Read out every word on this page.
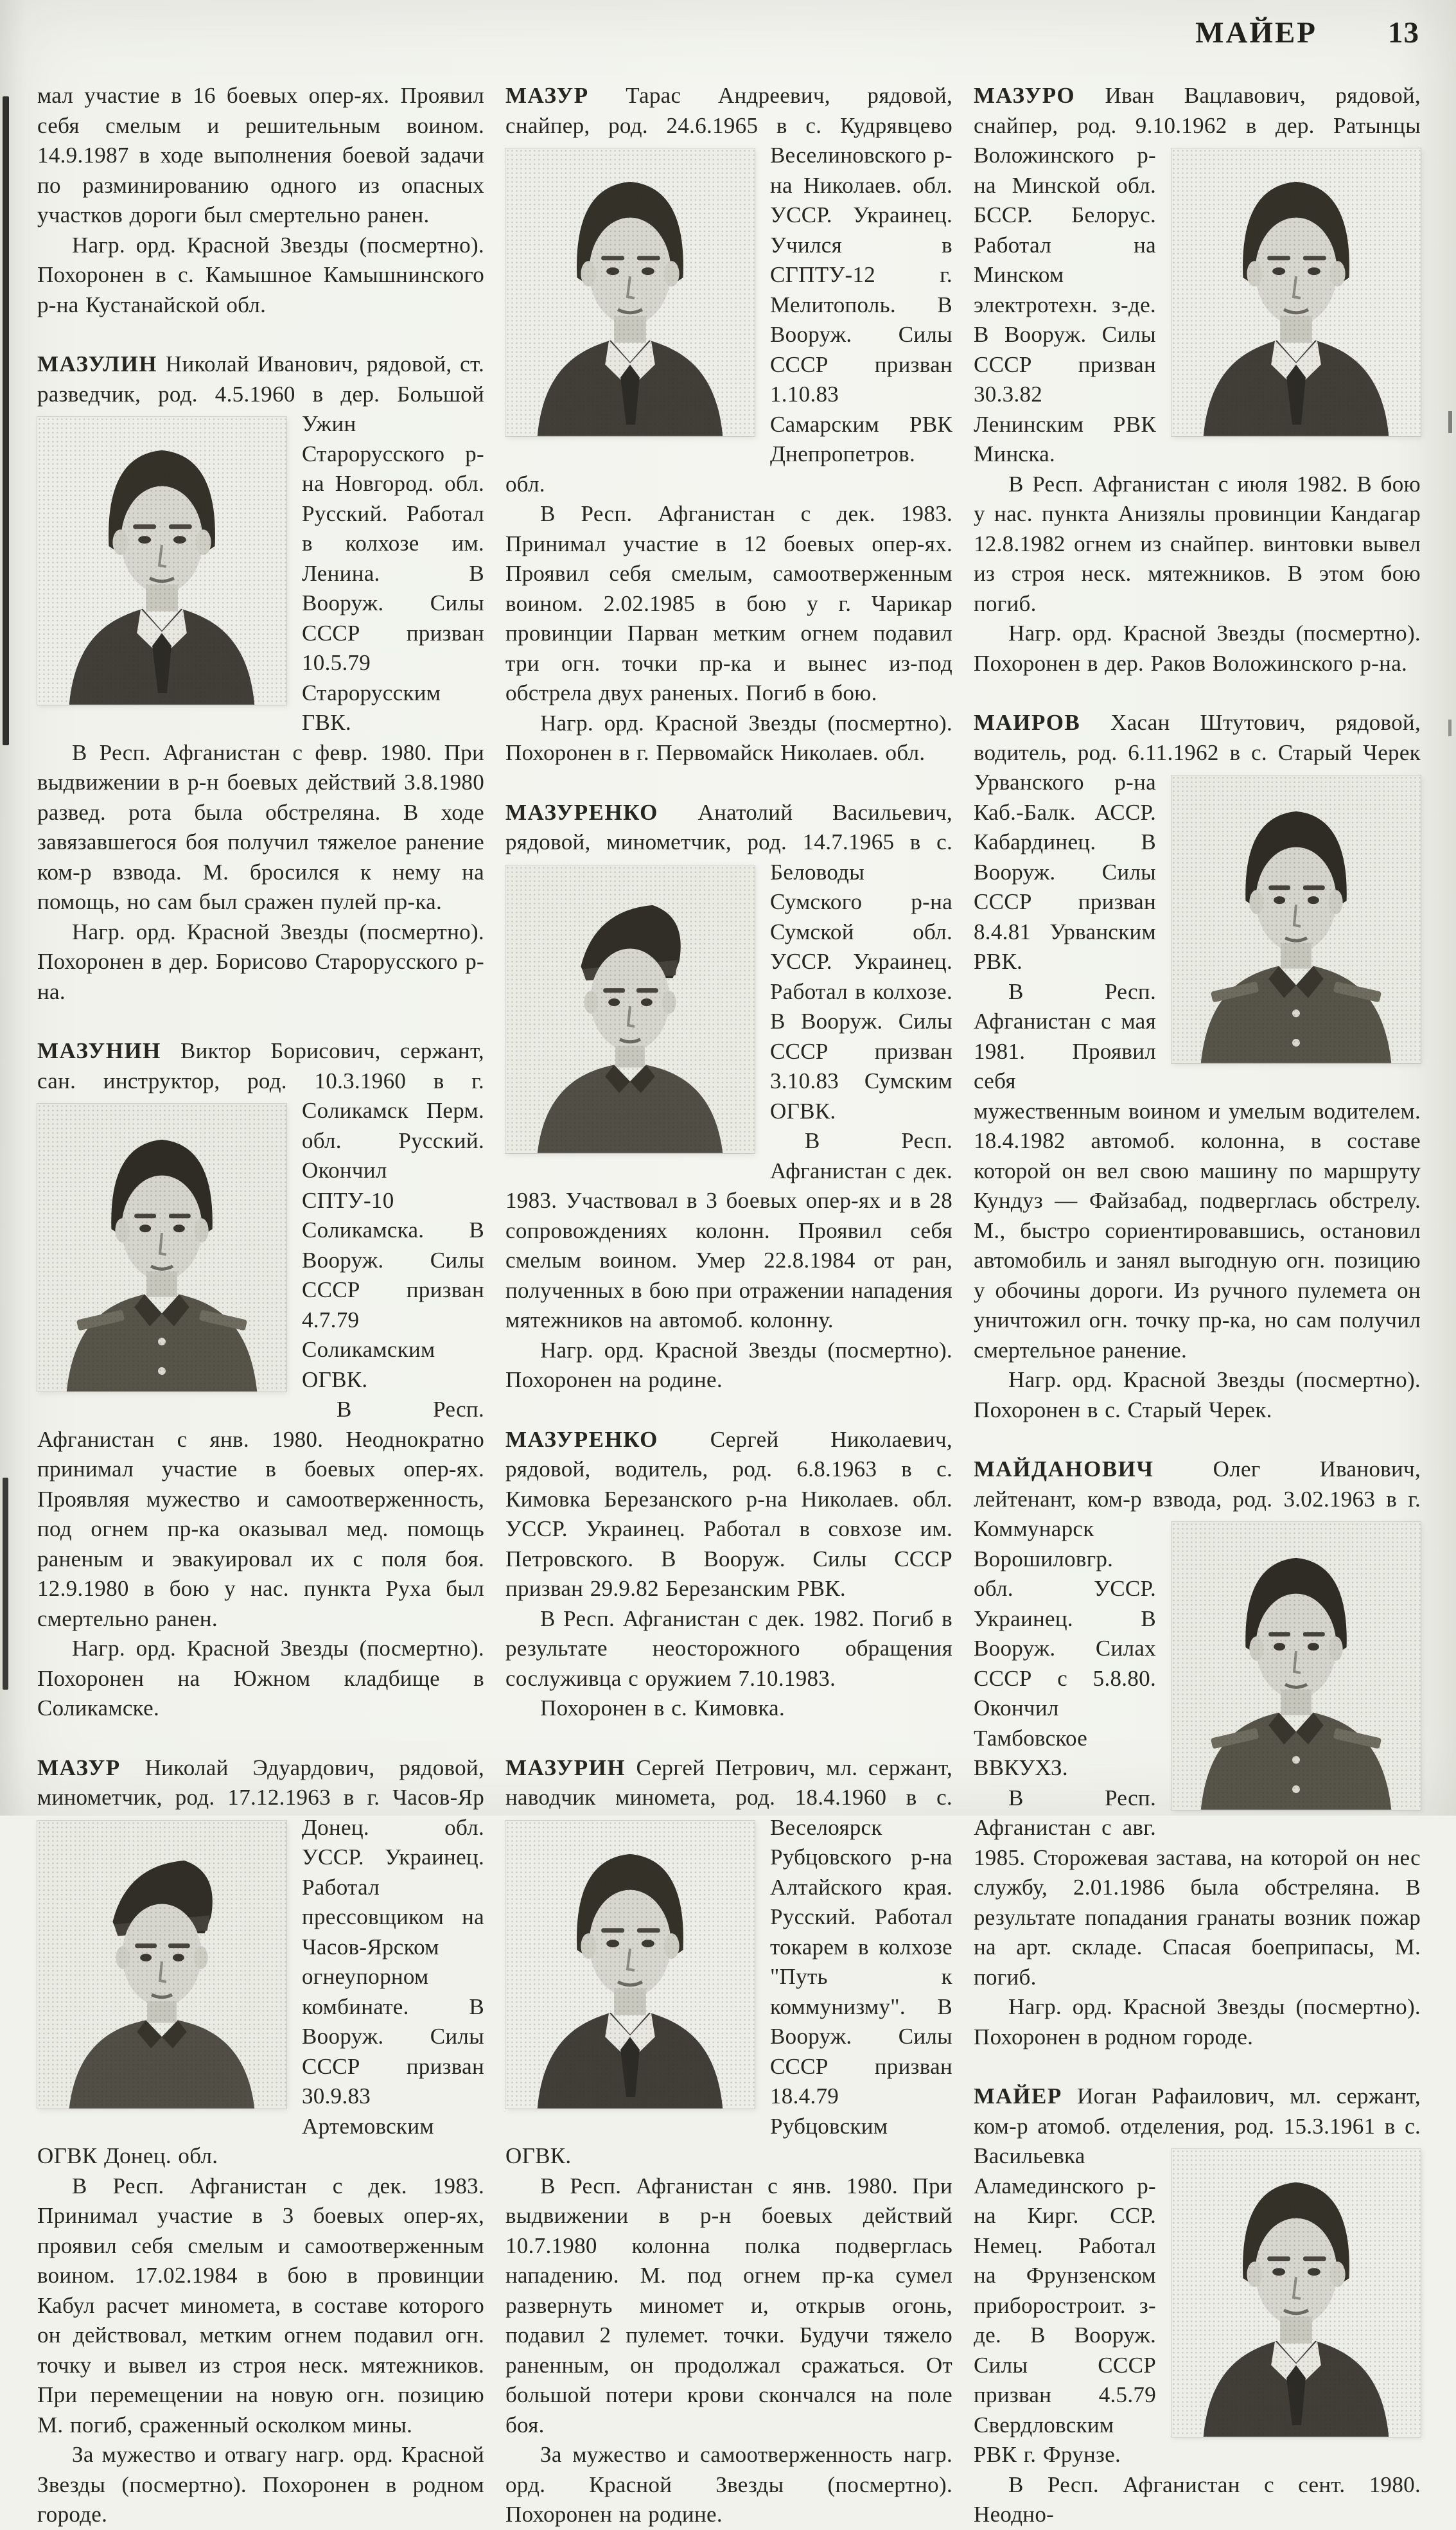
МАЙЕР 13

мал участие в 16 боевых опер-ях. Проявил себя смелым и решительным воином. 14.9.1987 в ходе выполнения боевой задачи по разминированию одного из опасных участков дороги был смертельно ранен.

Нагр. орд. Красной Звезды (посмертно). Похоронен в с. Камышное Камышнинского р-на Кустанайской обл.

МАЗУЛИН Николай Иванович, рядовой, ст. разведчик, род. 4.5.1960 в дер. Большой
Ужин Старорусского р-на Новгород. обл. Русский. Работал в колхозе им. Ленина. В Вооруж. Силы СССР призван 10.5.79 Старорусским ГВК.

В Респ. Афганистан с февр. 1980. При выдвижении в р-н боевых действий 3.8.1980 развед. рота была обстреляна. В ходе завязавшегося боя получил тяжелое ранение ком-р взвода. М. бросился к нему на помощь, но сам был сражен пулей пр-ка.

Нагр. орд. Красной Звезды (посмертно). Похоронен в дер. Борисово Старорусского р-на.

МАЗУНИН Виктор Борисович, сержант, сан. инструктор, род. 10.3.1960 в г. Соликамск Перм. обл. Русский. Окончил СПТУ-10 Соликамска. В Вооруж. Силы СССР призван 4.7.79 Соликамским ОГВК.

В Респ. Афганистан с янв. 1980. Неоднократно принимал участие в боевых опер-ях. Проявляя мужество и самоотверженность, под огнем пр-ка оказывал мед. помощь раненым и эвакуировал их с поля боя. 12.9.1980 в бою у нас. пункта Руха был смертельно ранен.

Нагр. орд. Красной Звезды (посмертно). Похоронен на Южном кладбище в Соликамске.

МАЗУР Николай Эдуардович, рядовой, минометчик, род. 17.12.1963 в г. Часов-Яр
Донец. обл. УССР. Украинец. Работал прессовщиком на Часов-Ярском огнеупорном комбинате. В Вооруж. Силы СССР призван 30.9.83 Артемовским ОГВК Донец. обл.

В Респ. Афганистан с дек. 1983. Принимал участие в 3 боевых опер-ях, проявил себя смелым и самоотверженным воином. 17.02.1984 в бою в провинции Кабул расчет миномета, в составе которого он действовал, метким огнем подавил огн. точку и вывел из строя неск. мятежников. При перемещении на новую огн. позицию М. погиб, сраженный осколком мины.

За мужество и отвагу нагр. орд. Красной Звезды (посмертно). Похоронен в родном городе.

МАЗУР Тарас Андреевич, рядовой, снайпер, род. 24.6.1965 в с. Кудрявцево
Веселиновского р-на Николаев. обл. УССР. Украинец. Учился в СГПТУ-12 г. Мелитополь. В Вооруж. Силы СССР призван 1.10.83 Самарским РВК Днепропетров. обл.

В Респ. Афганистан с дек. 1983. Принимал участие в 12 боевых опер-ях. Проявил себя смелым, самоотверженным воином. 2.02.1985 в бою у г. Чарикар провинции Парван метким огнем подавил три огн. точки пр-ка и вынес из-под обстрела двух раненых. Погиб в бою.

Нагр. орд. Красной Звезды (посмертно). Похоронен в г. Первомайск Николаев. обл.

МАЗУРЕНКО Анатолий Васильевич, рядовой, минометчик, род. 14.7.1965 в с.
Беловоды Сумского р-на Сумской обл. УССР. Украинец. Работал в колхозе. В Вооруж. Силы СССР призван 3.10.83 Сумским ОГВК.

В Респ. Афганистан с дек. 1983. Участвовал в 3 боевых опер-ях и в 28 сопровождениях колонн. Проявил себя смелым воином. Умер 22.8.1984 от ран, полученных в бою при отражении нападения мятежников на автомоб. колонну.

Нагр. орд. Красной Звезды (посмертно). Похоронен на родине.

МАЗУРЕНКО Сергей Николаевич, рядовой, водитель, род. 6.8.1963 в с. Кимовка Березанского р-на Николаев. обл. УССР. Украинец. Работал в совхозе им. Петровского. В Вооруж. Силы СССР призван 29.9.82 Березанским РВК.

В Респ. Афганистан с дек. 1982. Погиб в результате неосторожного обращения сослуживца с оружием 7.10.1983.

Похоронен в с. Кимовка.

МАЗУРИН Сергей Петрович, мл. сержант, наводчик миномета, род. 18.4.1960 в с.
Веселоярск Рубцовского р-на Алтайского края. Русский. Работал токарем в колхозе "Путь к коммунизму". В Вооруж. Силы СССР призван 18.4.79 Рубцовским ОГВК.

В Респ. Афганистан с янв. 1980. При выдвижении в р-н боевых действий 10.7.1980 колонна полка подверглась нападению. М. под огнем пр-ка сумел развернуть миномет и, открыв огонь, подавил 2 пулемет. точки. Будучи тяжело раненным, он продолжал сражаться. От большой потери крови скончался на поле боя.

За мужество и самоотверженность нагр. орд. Красной Звезды (посмертно). Похоронен на родине.

МАЗУРО Иван Вацлавович, рядовой, снайпер, род. 9.10.1962 в дер. Ратынцы
Воложинского р-на Минской обл. БССР. Белорус. Работал на Минском электротехн. з-де. В Вооруж. Силы СССР призван 30.3.82 Ленинским РВК Минска.

В Респ. Афганистан с июля 1982. В бою у нас. пункта Анизялы провинции Кандагар 12.8.1982 огнем из снайпер. винтовки вывел из строя неск. мятежников. В этом бою погиб.

Нагр. орд. Красной Звезды (посмертно). Похоронен в дер. Раков Воложинского р-на.

МАИРОВ Хасан Штутович, рядовой, водитель, род. 6.11.1962 в с. Старый Черек
Урванского р-на Каб.-Балк. АССР. Кабардинец. В Вооруж. Силы СССР призван 8.4.81 Урванским РВК.

В Респ. Афганистан с мая 1981. Проявил себя мужественным воином и умелым водителем. 18.4.1982 автомоб. колонна, в составе которой он вел свою машину по маршруту Кундуз — Файзабад, подверглась обстрелу. М., быстро сориентировавшись, остановил автомобиль и занял выгодную огн. позицию у обочины дороги. Из ручного пулемета он уничтожил огн. точку пр-ка, но сам получил смертельное ранение.

Нагр. орд. Красной Звезды (посмертно). Похоронен в с. Старый Черек.

МАЙДАНОВИЧ	Олег Иванович, лейтенант, ком-р взвода, род. 3.02.1963 в г.
Коммунарск Ворошиловгр. обл. УССР. Украинец. В Вооруж. Силах СССР с 5.8.80. Окончил Тамбовское ВВКУХЗ.

В Респ. Афганистан с авг. 1985. Сторожевая застава, на которой он нес службу, 2.01.1986 была обстреляна. В результате попадания гранаты возник пожар на арт. складе. Спасая боеприпасы, М. погиб.

Нагр. орд. Красной Звезды (посмертно). Похоронен в родном городе.

МАЙЕР Иоган Рафаилович, мл. сержант, ком-р атомоб. отделения, род. 15.3.1961 в с. Васильевка Аламединского р-на Кирг. ССР. Немец. Работал на Фрунзенском приборостроит. з-де. В Вооруж. Силы СССР призван 4.5.79 Свердловским РВК г. Фрунзе.

В Респ. Афганистан с сент. 1980. Неодно-
